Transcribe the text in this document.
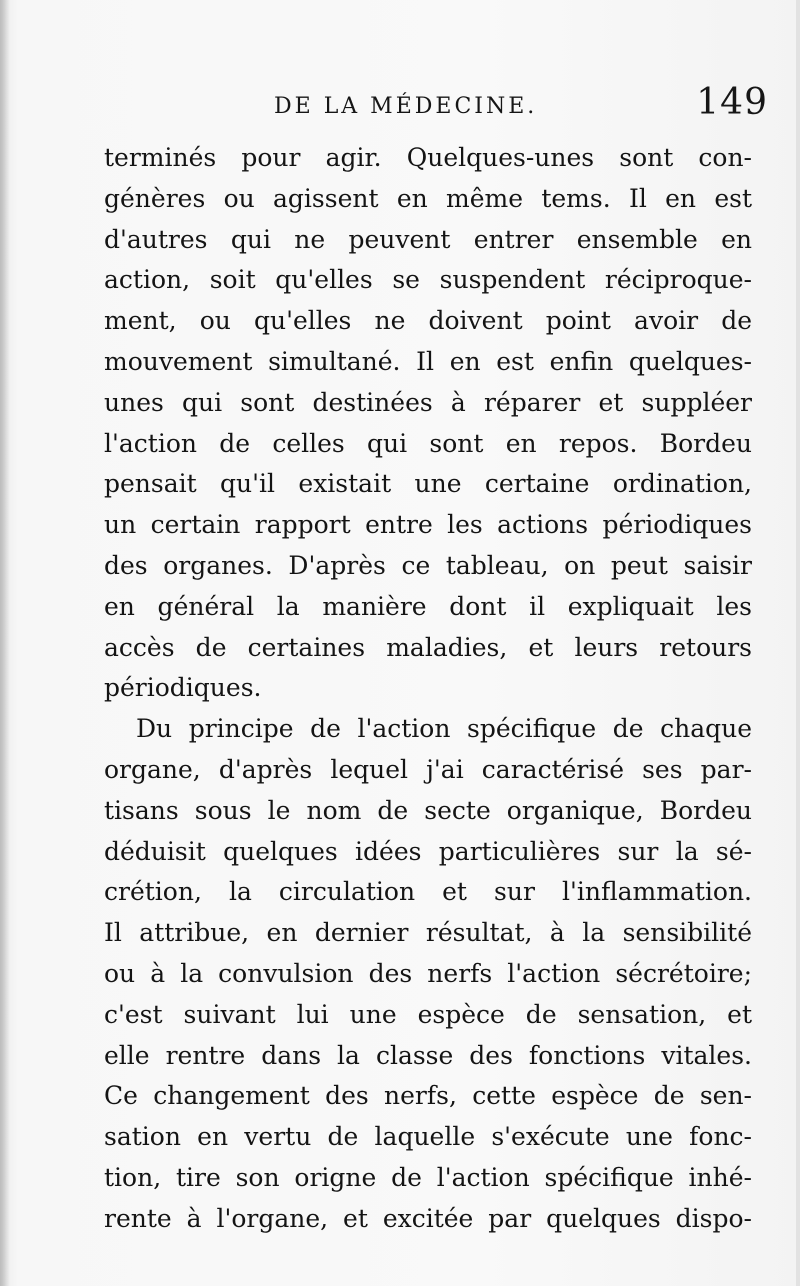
DE LA MÉDECINE.	149
terminés pour agir. Quelques-unes sont con-
génères ou agissent en même tems. Il en est
d'autres qui ne peuvent entrer ensemble en
action, soit qu'elles se suspendent réciproque-
ment, ou qu'elles ne doivent point avoir de
mouvement simultané. Il en est enfin quelques-
unes qui sont destinées à réparer et suppléer
l'action de celles qui sont en repos. Bordeu
pensait qu'il existait une certaine ordination,
un certain rapport entre les actions périodiques
des organes. D'après ce tableau, on peut saisir
en général la manière dont il expliquait les
accès de certaines maladies, et leurs retours
périodiques.
Du principe de l'action spécifique de chaque
organe, d'après lequel j'ai caractérisé ses par-
tisans sous le nom de secte organique, Bordeu
déduisit quelques idées particulières sur la sé-
crétion, la circulation et sur l'inflammation.
Il attribue, en dernier résultat, à la sensibilité
ou à la convulsion des nerfs l'action sécrétoire;
c'est suivant lui une espèce de sensation, et
elle rentre dans la classe des fonctions vitales.
Ce changement des nerfs, cette espèce de sen-
sation en vertu de laquelle s'exécute une fonc-
tion, tire son origne de l'action spécifique inhé-
rente à l'organe, et excitée par quelques dispo-
